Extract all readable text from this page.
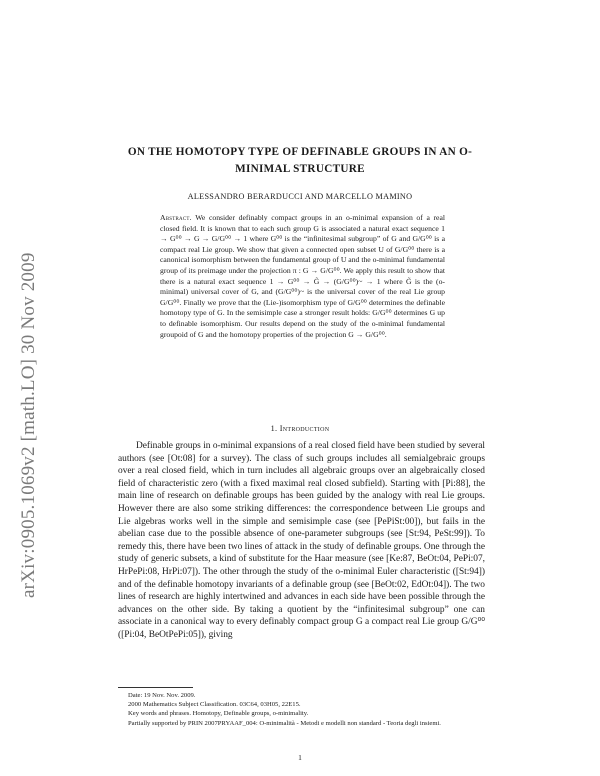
arXiv:0905.1069v2 [math.LO] 30 Nov 2009
ON THE HOMOTOPY TYPE OF DEFINABLE GROUPS IN AN O-MINIMAL STRUCTURE
ALESSANDRO BERARDUCCI AND MARCELLO MAMINO
Abstract. We consider definably compact groups in an o-minimal expansion of a real closed field. It is known that to each such group G is associated a natural exact sequence 1 → G⁰⁰ → G → G/G⁰⁰ → 1 where G⁰⁰ is the “infinitesimal subgroup” of G and G/G⁰⁰ is a compact real Lie group. We show that given a connected open subset U of G/G⁰⁰ there is a canonical isomorphism between the fundamental group of U and the o-minimal fundamental group of its preimage under the projection π : G → G/G⁰⁰. We apply this result to show that there is a natural exact sequence 1 → G⁰⁰ → G̃ → (G/G⁰⁰)~ → 1 where G̃ is the (o-minimal) universal cover of G, and (G/G⁰⁰)~ is the universal cover of the real Lie group G/G⁰⁰. Finally we prove that the (Lie-)isomorphism type of G/G⁰⁰ determines the definable homotopy type of G. In the semisimple case a stronger result holds: G/G⁰⁰ determines G up to definable isomorphism. Our results depend on the study of the o-minimal fundamental groupoid of G and the homotopy properties of the projection G → G/G⁰⁰.
1. Introduction

Definable groups in o-minimal expansions of a real closed field have been studied by several authors (see [Ot:08] for a survey). The class of such groups includes all semialgebraic groups over a real closed field, which in turn includes all algebraic groups over an algebraically closed field of characteristic zero (with a fixed maximal real closed subfield). Starting with [Pi:88], the main line of research on definable groups has been guided by the analogy with real Lie groups. However there are also some striking differences: the correspondence between Lie groups and Lie algebras works well in the simple and semisimple case (see [PePiSt:00]), but fails in the abelian case due to the possible absence of one-parameter subgroups (see [St:94, PeSt:99]). To remedy this, there have been two lines of attack in the study of definable groups. One through the study of generic subsets, a kind of substitute for the Haar measure (see [Ke:87, BeOt:04, PePi:07, HrPePi:08, HrPi:07]). The other through the study of the o-minimal Euler characteristic ([St:94]) and of the definable homotopy invariants of a definable group (see [BeOt:02, EdOt:04]). The two lines of research are highly intertwined and advances in each side have been possible through the advances on the other side. By taking a quotient by the “infinitesimal subgroup” one can associate in a canonical way to every definably compact group G a compact real Lie group G/G⁰⁰ ([Pi:04, BeOtPePi:05]), giving

Date: 19 Nov. Nov. 2009.

2000 Mathematics Subject Classification. 03C64, 03H05, 22E15.

Key words and phrases. Homotopy, Definable groups, o-minimality.

Partially supported by PRIN 2007PRYAAF_004: O-minimalità - Metodi e modelli non standard - Teoria degli insiemi.

1
